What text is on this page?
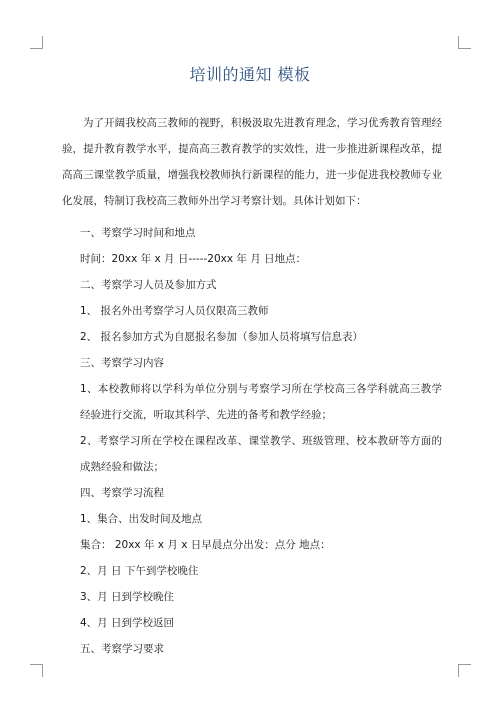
培训的通知 模板

为了开阔我校高三教师的视野，积极汲取先进教育理念，学习优秀教育管理经验，提升教育教学水平，提高高三教育教学的实效性，进一步推进新课程改革，提高高三课堂教学质量，增强我校教师执行新课程的能力，进一步促进我校教师专业化发展，特制订我校高三教师外出学习考察计划。具体计划如下：

一、考察学习时间和地点
时间：20xx 年 x 月 日-----20xx 年 月 日地点：
二、考察学习人员及参加方式
1、 报名外出考察学习人员仅限高三教师
2、 报名参加方式为自愿报名参加（参加人员将填写信息表）
三、考察学习内容

1、本校教师将以学科为单位分别与考察学习所在学校高三各学科就高三教学经验进行交流，听取其科学、先进的备考和教学经验；

2、考察学习所在学校在课程改革、课堂教学、班级管理、校本教研等方面的成熟经验和做法；

四、考察学习流程
1、集合、出发时间及地点
集合： 20xx 年 x 月 x 日早晨点分出发：点分 地点：
2、月 日 下午到学校晚住
3、月 日到学校晚住
4、月 日到学校返回
五、考察学习要求
